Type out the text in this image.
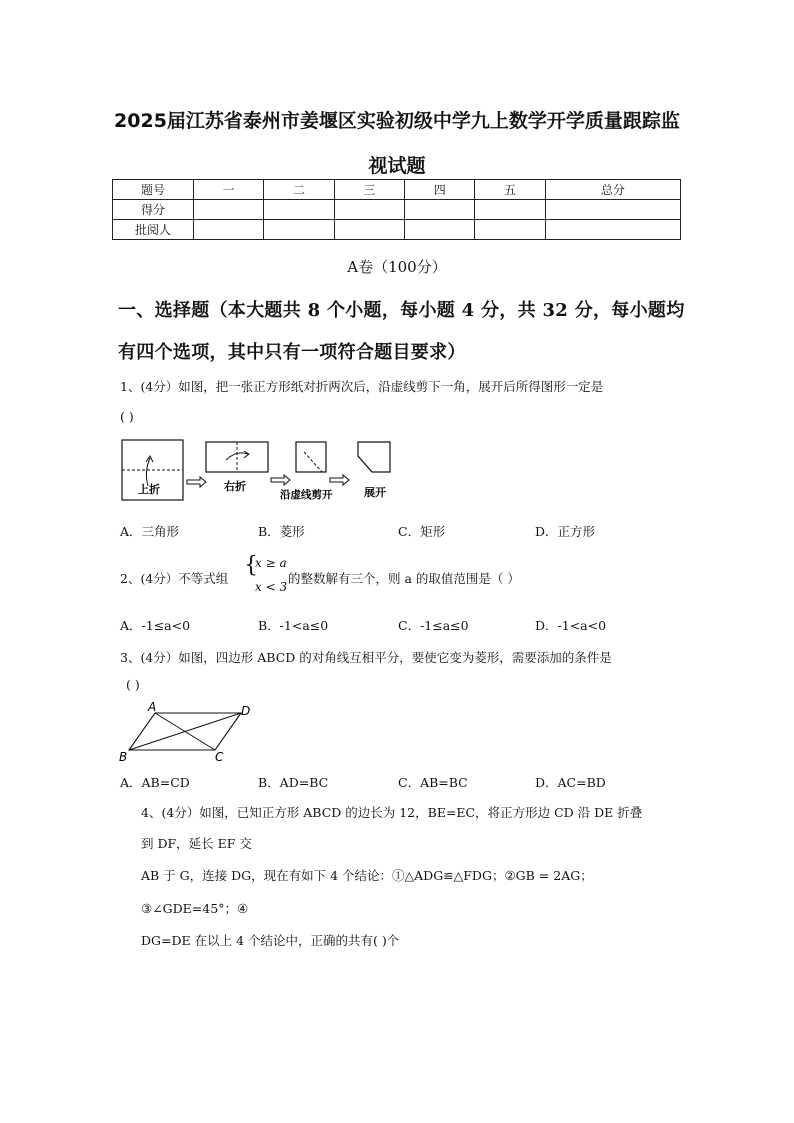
2025届江苏省泰州市姜堰区实验初级中学九上数学开学质量跟踪监
视试题
题号	一	二	三	四	五	总分
得分						
批阅人						
A卷（100分）
一、选择题（本大题共 8 个小题，每小题 4 分，共 32 分，每小题均
有四个选项，其中只有一项符合题目要求）
1、(4分）如图，把一张正方形纸对折两次后，沿虚线剪下一角，展开后所得图形一定是
( )
上折	右折
沿虚线剪开	展开
A．三角形	B．菱形	C．矩形	D．正方形
2、(4分）不等式组
{
x ≥ a
x < 3
的整数解有三个，则 a 的取值范围是（ ）
A．-1≤a<0	B．-1<a≤0	C．-1≤a≤0	D．-1<a<0
3、(4分）如图，四边形 ABCD 的对角线互相平分，要使它变为菱形，需要添加的条件是
( )
A	D
B	C
A．AB=CD	B．AD=BC	C．AB=BC	D．AC=BD
4、(4分）如图，已知正方形 ABCD 的边长为 12，BE=EC，将正方形边 CD 沿 DE 折叠
到 DF，延长 EF 交
AB 于 G，连接 DG，现在有如下 4 个结论：①△ADG≌△FDG；②GB = 2AG；
③∠GDE=45°；④
DG=DE 在以上 4 个结论中，正确的共有( )个
